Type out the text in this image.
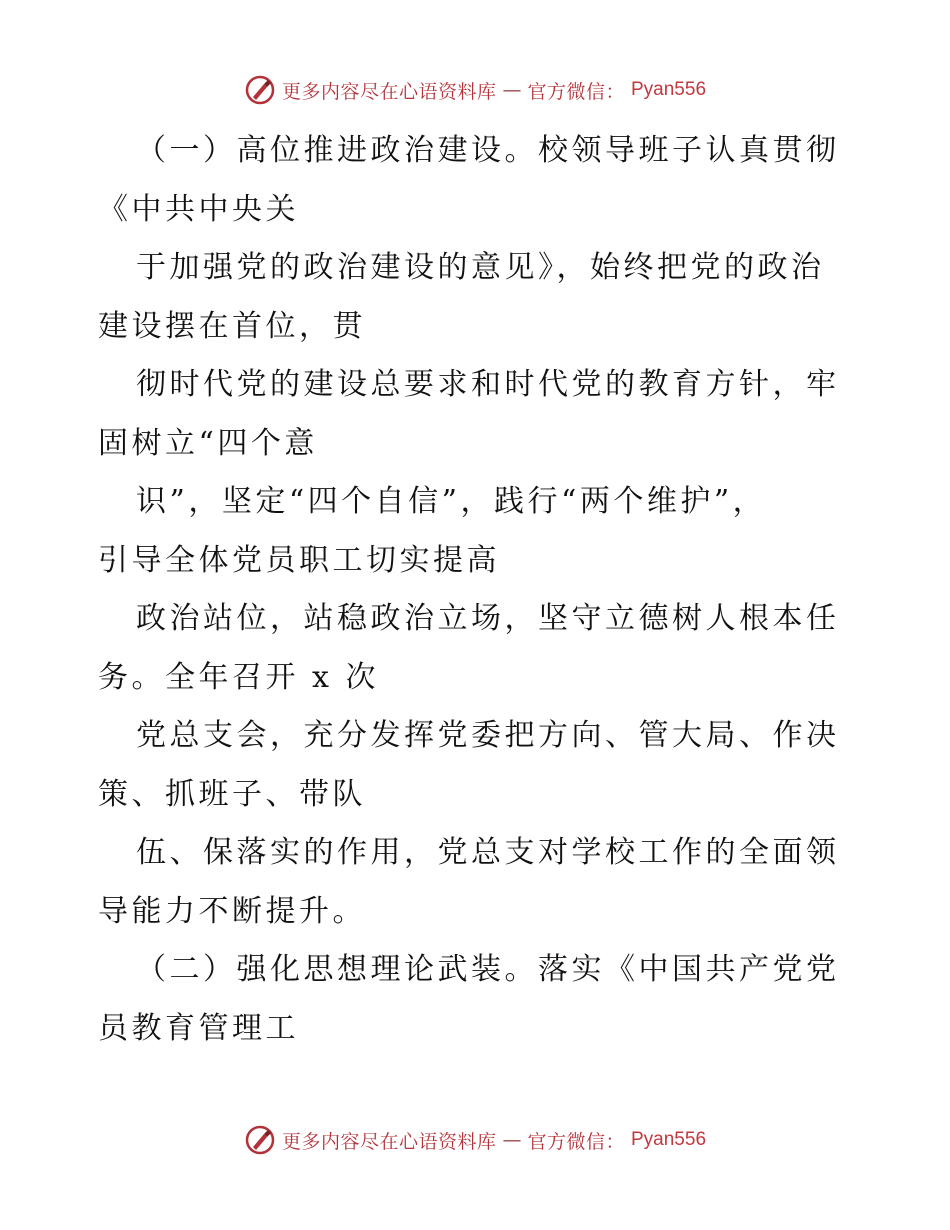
更多内容尽在心语资料库 — 官方微信： Pyan556
（一）高位推进政治建设。校领导班子认真贯彻
《中共中央关
于加强党的政治建设的意见》，始终把党的政治
建设摆在首位，贯
彻时代党的建设总要求和时代党的教育方针，牢
固树立“四个意
识”，坚定“四个自信”，践行“两个维护”，
引导全体党员职工切实提高
政治站位，站稳政治立场，坚守立德树人根本任
务。全年召开 x 次
党总支会，充分发挥党委把方向、管大局、作决
策、抓班子、带队
伍、保落实的作用，党总支对学校工作的全面领
导能力不断提升。
（二）强化思想理论武装。落实《中国共产党党
员教育管理工
更多内容尽在心语资料库 — 官方微信： Pyan556
